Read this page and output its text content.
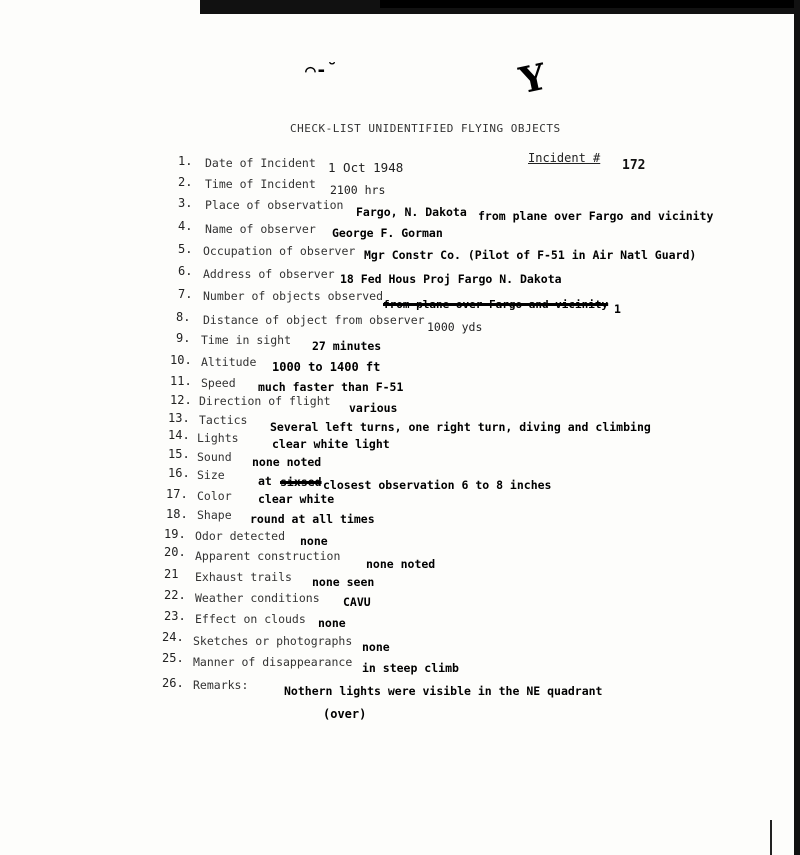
⌒-˘	Y
CHECK-LIST UNIDENTIFIED FLYING OBJECTS
Incident # 172
1. Date of Incident 1 Oct 1948
2. Time of Incident 2100 hrs
3. Place of observation Fargo, N. Dakota from plane over Fargo and vicinity
4. Name of observer George F. Gorman
5. Occupation of observer Mgr Constr Co. (Pilot of F-51 in Air Natl Guard)
6. Address of observer 18 Fed Hous Proj Fargo N. Dakota
7. Number of objects observed
from plane over Fargo and vicinity 1
8. Distance of object from observer 1000 yds
9. Time in sight 27 minutes
10. Altitude 1000 to 1400 ft
11. Speed much faster than F-51
12. Direction of flight various
13. Tactics Several left turns, one right turn, diving and climbing
14. Lights	clear white light
15. Sound none noted
16. Size	at sixsed closest observation 6 to 8 inches
17. Color clear white
18. Shape round at all times
19. Odor detected none
20. Apparent construction
none noted
21 Exhaust trails none seen
22. Weather conditions CAVU
23. Effect on clouds none
24. Sketches or photographs none
25. Manner of disappearance in steep climb
26. Remarks:	Nothern lights were visible in the NE quadrant
(over)
